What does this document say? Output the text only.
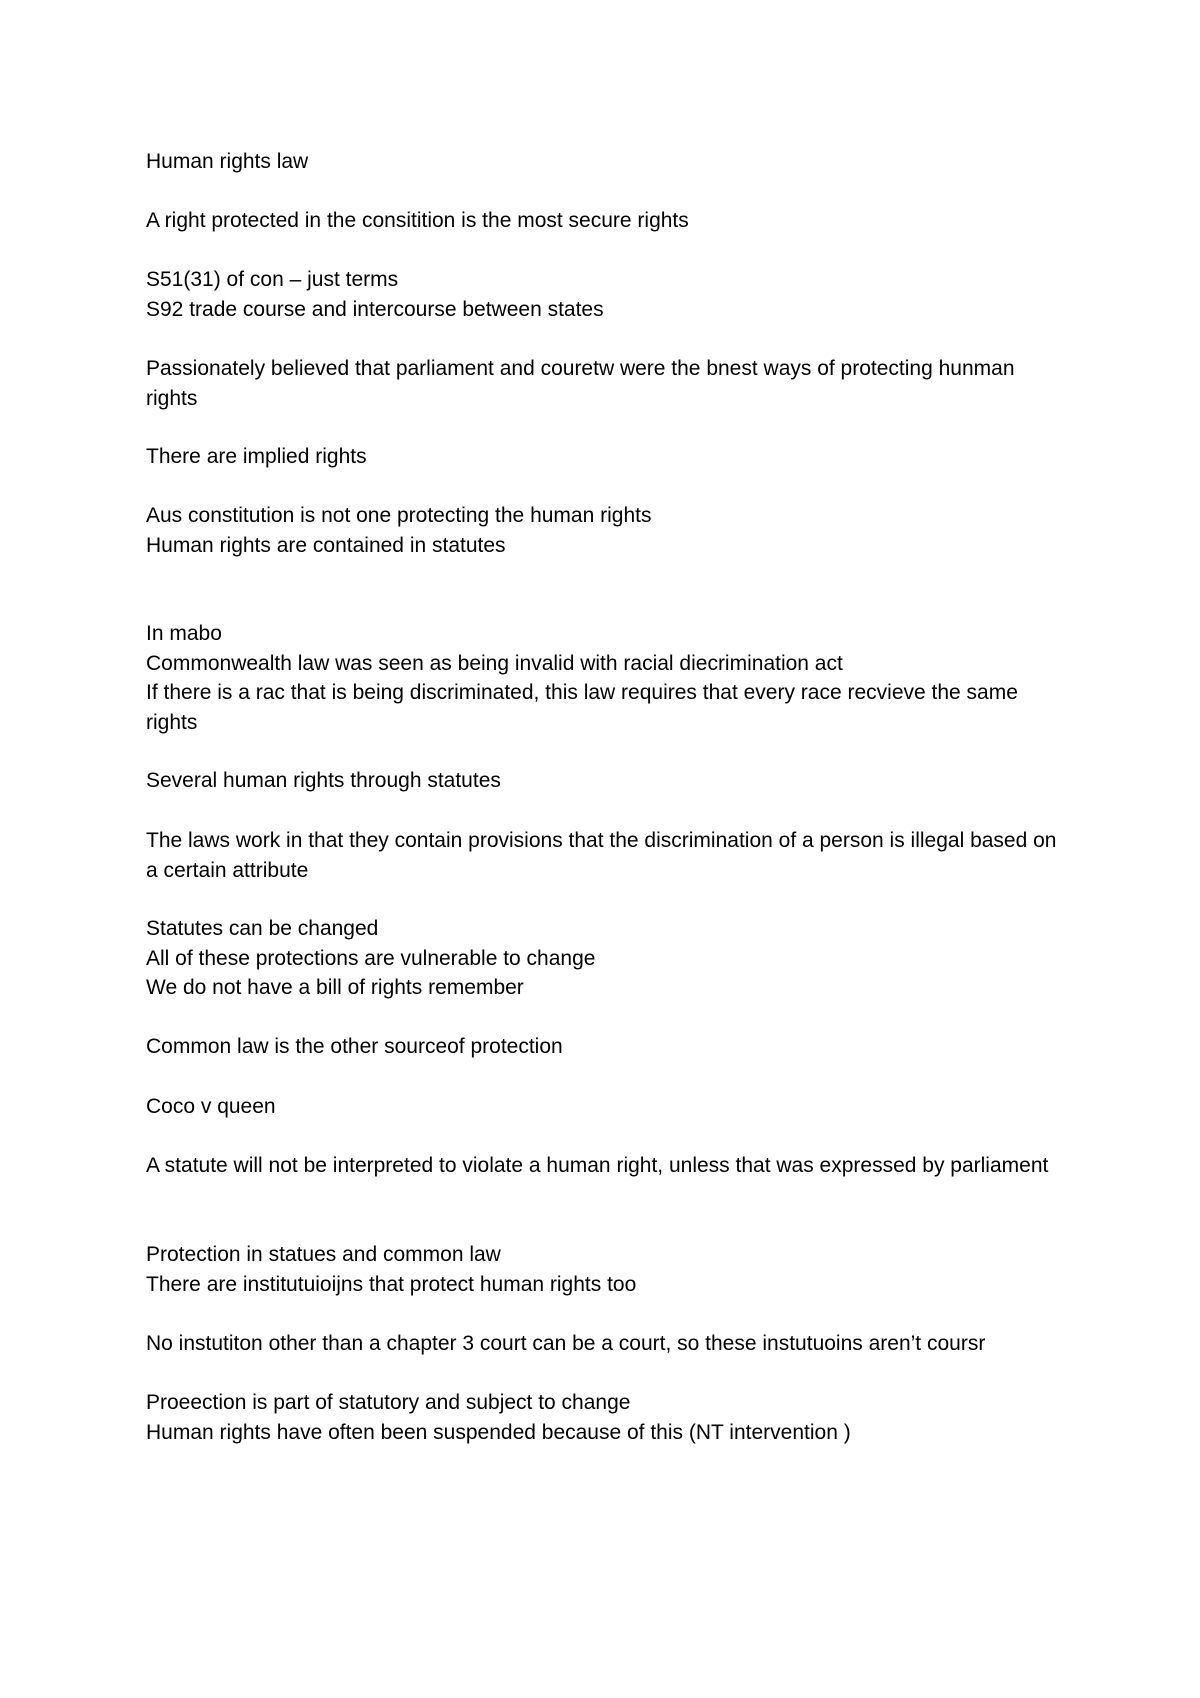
Human rights law
A right protected in the consitition is the most secure rights
S51(31) of con – just terms
S92 trade course and intercourse between states
Passionately believed that parliament and couretw were the bnest ways of protecting hunman rights
There are implied rights
Aus constitution is not one protecting the human rights
Human rights are contained in statutes
In mabo
Commonwealth law was seen as being invalid with racial diecrimination act
If there is a rac that is being discriminated, this law requires that every race recvieve the same rights
Several human rights through statutes
The laws work in that they contain provisions that the discrimination of a person is illegal based on a certain attribute
Statutes can be changed
All of these protections are vulnerable to change
We do not have a bill of rights remember
Common law is the other sourceof protection
Coco v queen
A statute will not be interpreted to violate a human right, unless that was expressed by parliament
Protection in statues and common law
There are institutuioijns that protect human rights too
No instutiton other than a chapter 3 court can be a court, so these instutuoins aren’t coursr
Proeection is part of statutory and subject to change
Human rights have often been suspended because of this (NT intervention )
